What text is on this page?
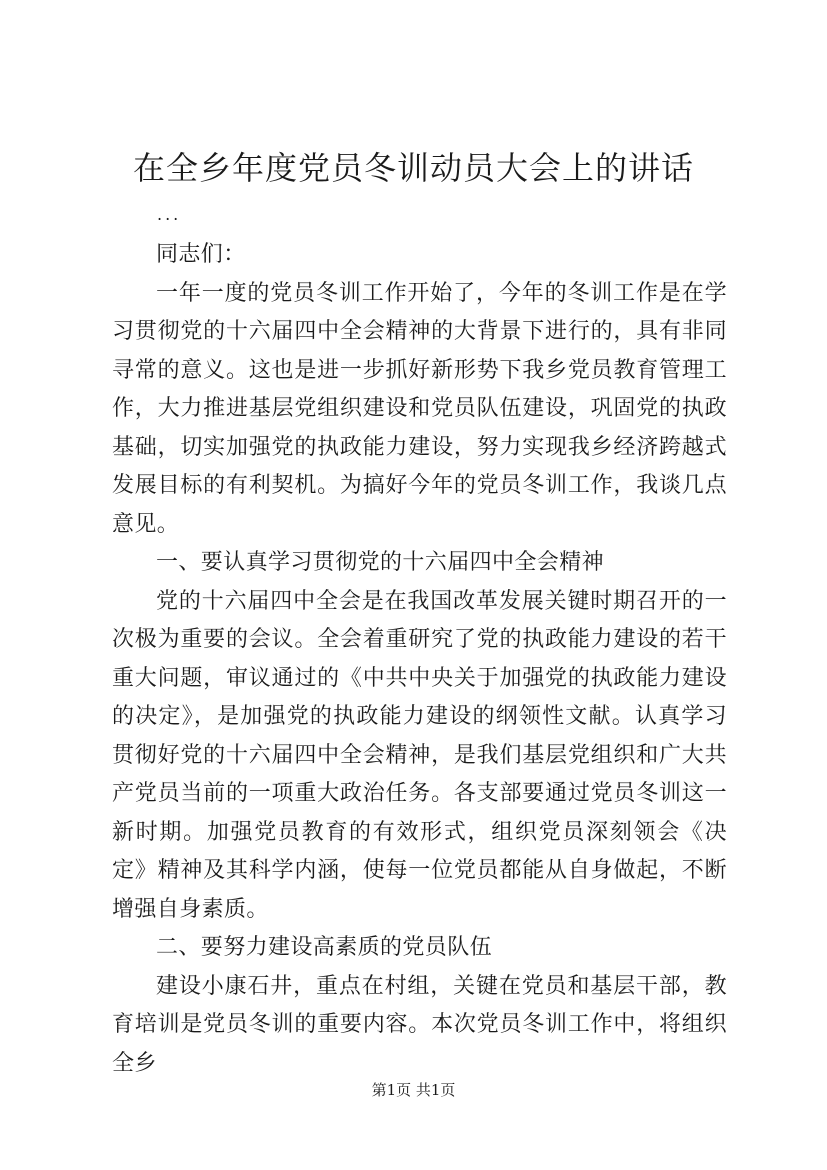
在全乡年度党员冬训动员大会上的讲话
...

同志们：

一年一度的党员冬训工作开始了，今年的冬训工作是在学习贯彻党的十六届四中全会精神的大背景下进行的，具有非同寻常的意义。这也是进一步抓好新形势下我乡党员教育管理工作，大力推进基层党组织建设和党员队伍建设，巩固党的执政基础，切实加强党的执政能力建设，努力实现我乡经济跨越式发展目标的有利契机。为搞好今年的党员冬训工作，我谈几点意见。

一、要认真学习贯彻党的十六届四中全会精神

党的十六届四中全会是在我国改革发展关键时期召开的一次极为重要的会议。全会着重研究了党的执政能力建设的若干重大问题，审议通过的《中共中央关于加强党的执政能力建设的决定》，是加强党的执政能力建设的纲领性文献。认真学习贯彻好党的十六届四中全会精神，是我们基层党组织和广大共产党员当前的一项重大政治任务。各支部要通过党员冬训这一新时期。加强党员教育的有效形式，组织党员深刻领会《决定》精神及其科学内涵，使每一位党员都能从自身做起，不断增强自身素质。

二、要努力建设高素质的党员队伍

建设小康石井，重点在村组，关键在党员和基层干部，教育培训是党员冬训的重要内容。本次党员冬训工作中，将组织全乡

第1页 共1页
